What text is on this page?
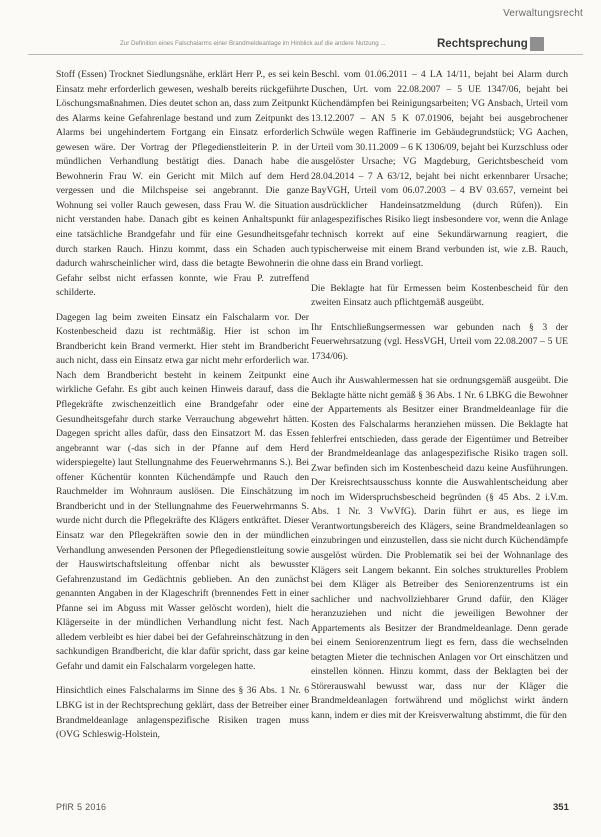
Verwaltungsrecht
Zur Definition eines Falschalarms einer Brandmeldeanlage im Hinblick auf die andere Nutzung ...	Rechtsprechung

Stoff (Essen) Trocknet Siedlungsnähe, erklärt Herr P., es sei kein Einsatz mehr erforderlich gewesen, weshalb bereits rückgeführte Löschungsmaßnahmen. Dies deutet schon an, dass zum Zeitpunkt des Alarms keine Gefahrenlage bestand und zum Zeitpunkt des Alarms bei ungehindertem Fortgang ein Einsatz erforderlich gewesen wäre. Der Vortrag der Pflegedienstleiterin P. in der mündlichen Verhandlung bestätigt dies. Danach habe die Bewohnerin Frau W. ein Gericht mit Milch auf dem Herd vergessen und die Milchspeise sei angebrannt. Die ganze Wohnung sei voller Rauch gewesen, dass Frau W. die Situation nicht verstanden habe. Danach gibt es keinen Anhaltspunkt für eine tatsächliche Brandgefahr und für eine Gesundheitsgefahr durch starken Rauch. Hinzu kommt, dass ein Schaden auch dadurch wahrscheinlicher wird, dass die betagte Bewohnerin die Gefahr selbst nicht erfassen konnte, wie Frau P. zutreffend schilderte.

Dagegen lag beim zweiten Einsatz ein Falschalarm vor. Der Kostenbescheid dazu ist rechtmäßig. Hier ist schon im Brandbericht kein Brand vermerkt. Hier steht im Brandbericht auch nicht, dass ein Einsatz etwa gar nicht mehr erforderlich war. Nach dem Brandbericht besteht in keinem Zeitpunkt eine wirkliche Gefahr. Es gibt auch keinen Hinweis darauf, dass die Pflegekräfte zwischenzeitlich eine Brandgefahr oder eine Gesundheitsgefahr durch starke Verrauchung abgewehrt hätten. Dagegen spricht alles dafür, dass den Einsatzort M. das Essen angebrannt war (-das sich in der Pfanne auf dem Herd widerspiegelte) laut Stellungnahme des Feuerwehrmanns S.). Bei offener Küchentür konnten Küchendämpfe und Rauch den Rauchmelder im Wohnraum auslösen. Die Einschätzung im Brandbericht und in der Stellungnahme des Feuerwehrmanns S. wurde nicht durch die Pflegekräfte des Klägers entkräftet. Dieser Einsatz war den Pflegekräften sowie den in der mündlichen Verhandlung anwesenden Personen der Pflegedienstleitung sowie der Hauswirtschaftsleitung offenbar nicht als bewusster Gefahrenzustand im Gedächtnis geblieben. An den zunächst genannten Angaben in der Klageschrift (brennendes Fett in einer Pfanne sei im Abguss mit Wasser gelöscht worden), hielt die Klägerseite in der mündlichen Verhandlung nicht fest. Nach alledem verbleibt es hier dabei bei der Gefahreinschätzung in den sachkundigen Brandbericht, die klar dafür spricht, dass gar keine Gefahr und damit ein Falschalarm vorgelegen hatte.

Hinsichtlich eines Falschalarms im Sinne des § 36 Abs. 1 Nr. 6 LBKG ist in der Rechtsprechung geklärt, dass der Betreiber einer Brandmeldeanlage anlagenspezifische Risiken tragen muss (OVG Schleswig-Holstein,

Beschl. vom 01.06.2011 – 4 LA 14/11, bejaht bei Alarm durch Duschen, Urt. vom 22.08.2007 – 5 UE 1347/06, bejaht bei Küchendämpfen bei Reinigungsarbeiten; VG Ansbach, Urteil vom 13.12.2007 – AN 5 K 07.01906, bejaht bei ausgebrochener Schwüle wegen Raffinerie im Gebäudegrundstück; VG Aachen, Urteil vom 30.11.2009 – 6 K 1306/09, bejaht bei Kurzschluss oder ausgelöster Ursache; VG Magdeburg, Gerichtsbescheid vom 28.04.2014 – 7 A 63/12, bejaht bei nicht erkennbarer Ursache; BayVGH, Urteil vom 06.07.2003 – 4 BV 03.657, verneint bei ausdrücklicher Handeinsatzmeldung (durch Rüfen)). Ein anlagespezifisches Risiko liegt insbesondere vor, wenn die Anlage technisch korrekt auf eine Sekundärwarnung reagiert, die typischerweise mit einem Brand verbunden ist, wie z.B. Rauch, ohne dass ein Brand vorliegt.

Die Beklagte hat für Ermessen beim Kostenbescheid für den zweiten Einsatz auch pflichtgemäß ausgeübt.

Ihr Entschließungsermessen war gebunden nach § 3 der Feuerwehrsatzung (vgl. HessVGH, Urteil vom 22.08.2007 – 5 UE 1734/06).

Auch ihr Auswahlermessen hat sie ordnungsgemäß ausgeübt. Die Beklagte hätte nicht gemäß § 36 Abs. 1 Nr. 6 LBKG die Bewohner der Appartements als Besitzer einer Brandmeldeanlage für die Kosten des Falschalarms heranziehen müssen. Die Beklagte hat fehlerfrei entschieden, dass gerade der Eigentümer und Betreiber der Brandmeldeanlage das anlagespezifische Risiko tragen soll. Zwar befinden sich im Kostenbescheid dazu keine Ausführungen. Der Kreisrechtsausschuss konnte die Auswahlentscheidung aber noch im Widerspruchsbescheid begründen (§ 45 Abs. 2 i.V.m. Abs. 1 Nr. 3 VwVfG). Darin führt er aus, es liege im Verantwortungsbereich des Klägers, seine Brandmeldeanlagen so einzubringen und einzustellen, dass sie nicht durch Küchendämpfe ausgelöst würden. Die Problematik sei bei der Wohnanlage des Klägers seit Langem bekannt. Ein solches strukturelles Problem bei dem Kläger als Betreiber des Seniorenzentrums ist ein sachlicher und nachvollziehbarer Grund dafür, den Kläger heranzuziehen und nicht die jeweiligen Bewohner der Appartements als Besitzer der Brandmeldeanlage. Denn gerade bei einem Seniorenzentrum liegt es fern, dass die wechselnden betagten Mieter die technischen Anlagen vor Ort einschätzen und einstellen können. Hinzu kommt, dass der Beklagten bei der Störerauswahl bewusst war, dass nur der Kläger die Brandmeldeanlagen fortwährend und möglichst wirkt ändern kann, indem er dies mit der Kreisverwaltung abstimmt, die für den

PflR 5 2016	351
